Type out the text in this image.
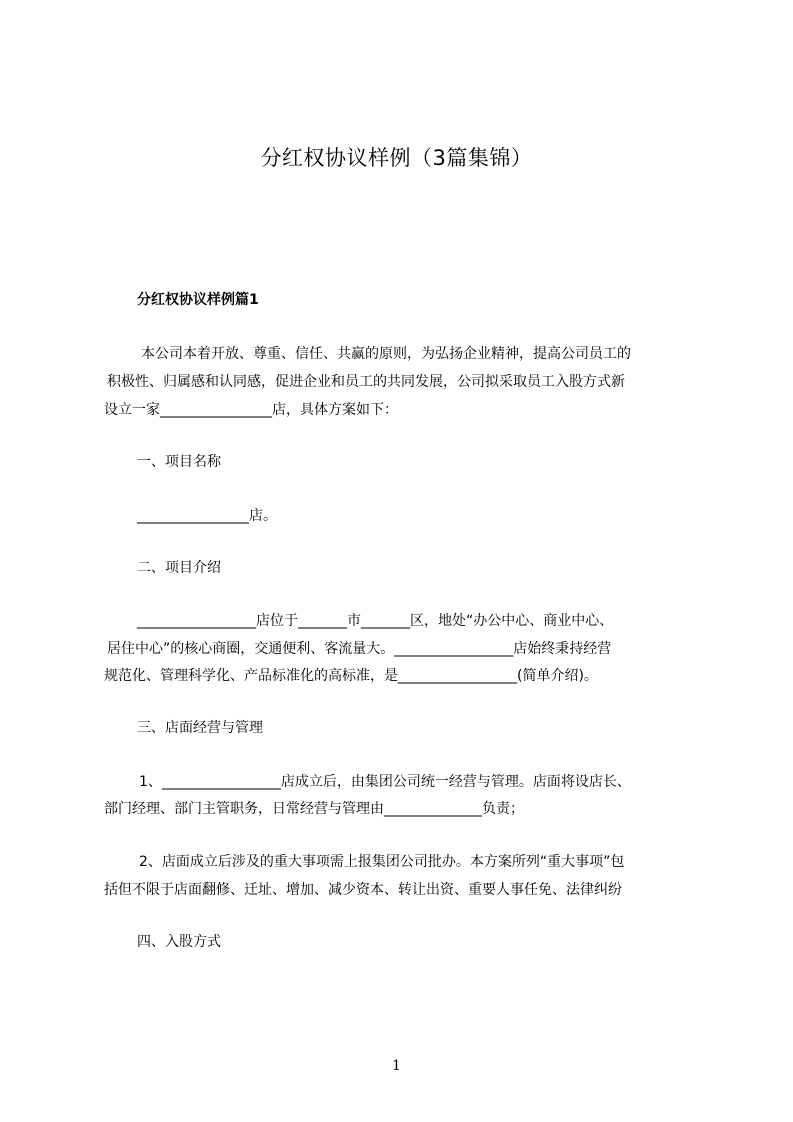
分红权协议样例（3篇集锦）
分红权协议样例篇1
本公司本着开放、尊重、信任、共赢的原则，为弘扬企业精神，提高公司员工的
积极性、归属感和认同感，促进企业和员工的共同发展，公司拟采取员工入股方式新
设立一家________________店，具体方案如下：
一、项目名称
________________店。
二、项目介绍
_________________店位于_______市_______区，地处“办公中心、商业中心、
居住中心”的核心商圈，交通便利、客流量大。_________________店始终秉持经营
规范化、管理科学化、产品标准化的高标准，是_________________(简单介绍)。
三、店面经营与管理
1、_________________店成立后，由集团公司统一经营与管理。店面将设店长、
部门经理、部门主管职务，日常经营与管理由______________负责；
2、店面成立后涉及的重大事项需上报集团公司批办。本方案所列“重大事项”包
括但不限于店面翻修、迁址、增加、减少资本、转让出资、重要人事任免、法律纠纷
四、入股方式
1
